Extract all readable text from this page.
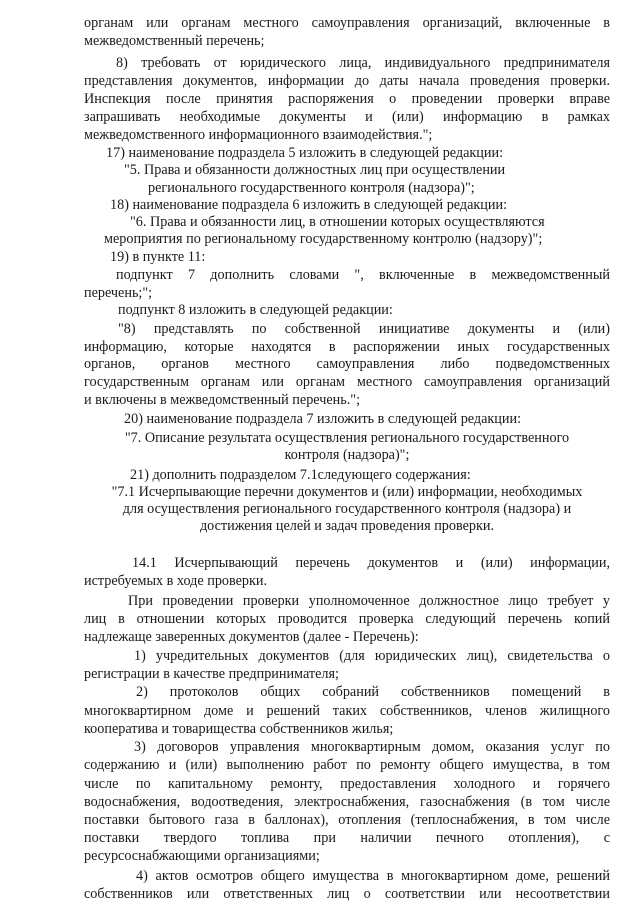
органам или органам местного самоуправления организаций, включенные в

межведомственный перечень;

8) требовать от юридического лица, индивидуального предпринимателя

представления документов, информации до даты начала проведения проверки.

Инспекция после принятия распоряжения о проведении проверки вправе

запрашивать необходимые документы и (или) информацию в рамках

межведомственного информационного взаимодействия.";

17) наименование подраздела 5 изложить в следующей редакции:

"5. Права и обязанности должностных лиц при осуществлении

регионального государственного контроля (надзора)";

18) наименование подраздела 6 изложить в следующей редакции:

"6. Права и обязанности лиц, в отношении которых осуществляются

мероприятия по региональному государственному контролю (надзору)";

19) в пункте 11:

подпункт 7 дополнить словами ", включенные в межведомственный

перечень;";

подпункт 8 изложить в следующей редакции:

"8) представлять по собственной инициативе документы и (или)

информацию, которые находятся в распоряжении иных государственных

органов, органов местного самоуправления либо подведомственных

государственным органам или органам местного самоуправления организаций

и включены в межведомственный перечень.";

20) наименование подраздела 7 изложить в следующей редакции:

"7. Описание результата осуществления регионального государственного

контроля (надзора)";

21) дополнить подразделом 7.1следующего содержания:

"7.1 Исчерпывающие перечни документов и (или) информации, необходимых

для осуществления регионального государственного контроля (надзора) и

достижения целей и задач проведения проверки.

14.1 Исчерпывающий перечень документов и (или) информации,

истребуемых в ходе проверки.

При проведении проверки уполномоченное должностное лицо требует у

лиц в отношении которых проводится проверка следующий перечень копий

надлежаще заверенных документов (далее - Перечень):

1) учредительных документов (для юридических лиц), свидетельства о

регистрации в качестве предпринимателя;

2) протоколов общих собраний собственников помещений в

многоквартирном доме и решений таких собственников, членов жилищного

кооператива и товарищества собственников жилья;

3) договоров управления многоквартирным домом, оказания услуг по

содержанию и (или) выполнению работ по ремонту общего имущества, в том

числе по капитальному ремонту, предоставления холодного и горячего

водоснабжения, водоотведения, электроснабжения, газоснабжения (в том числе

поставки бытового газа в баллонах), отопления (теплоснабжения, в том числе

поставки твердого топлива при наличии печного отопления), с

ресурсоснабжающими организациями;

4) актов осмотров общего имущества в многоквартирном доме, решений

собственников или ответственных лиц о соответствии или несоответствии
